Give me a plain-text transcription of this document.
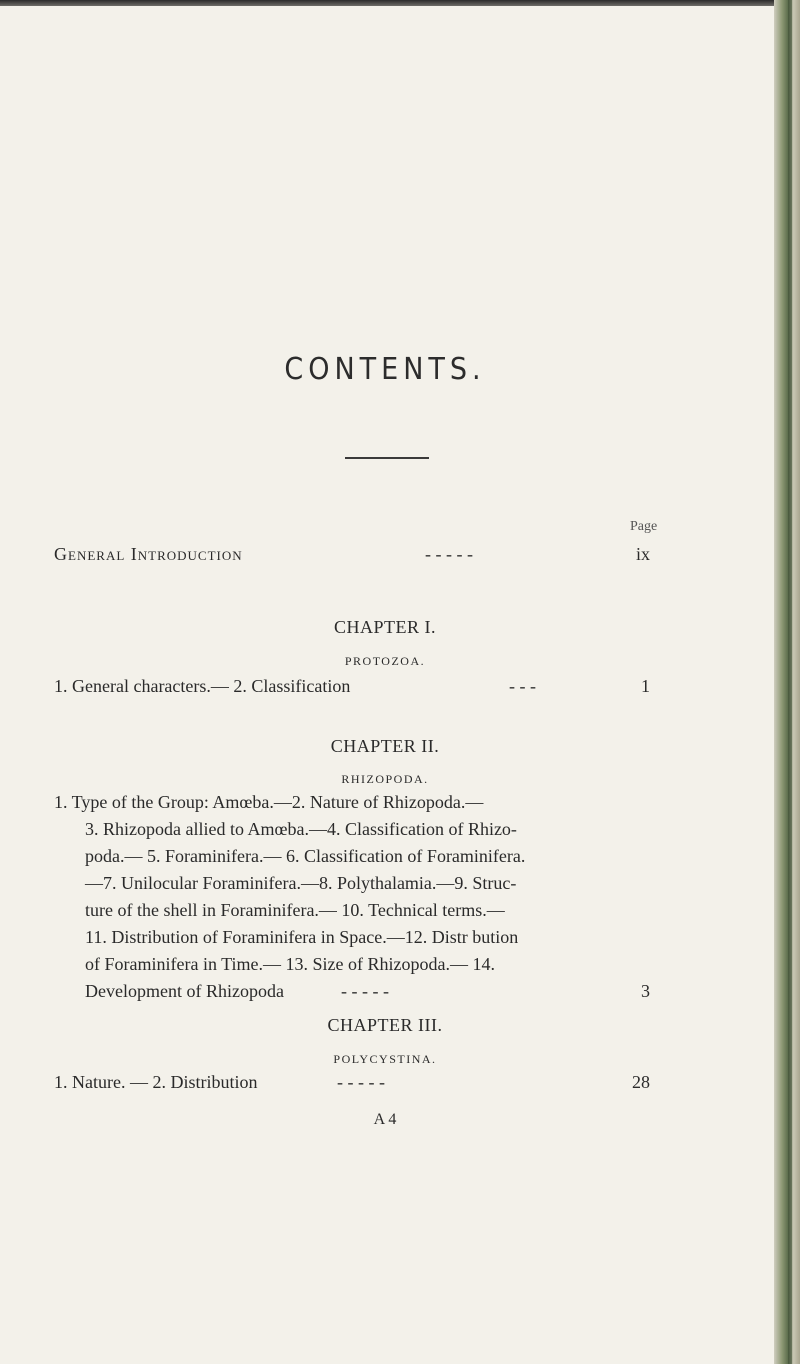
CONTENTS.
Page
General Introduction	- - - - -	ix
CHAPTER I.
PROTOZOA.
1. General characters.— 2. Classification	- - -	1
CHAPTER II.
RHIZOPODA.
1. Type of the Group: Amœba.—2. Nature of Rhizopoda.—
3. Rhizopoda allied to Amœba.—4. Classification of Rhizo-
poda.— 5. Foraminifera.— 6. Classification of Foraminifera.
—7. Unilocular Foraminifera.—8. Polythalamia.—9. Struc-
ture of the shell in Foraminifera.— 10. Technical terms.—
11. Distribution of Foraminifera in Space.—12. Distr bution
of Foraminifera in Time.— 13. Size of Rhizopoda.— 14.
Development of Rhizopoda	- - - - -	3
CHAPTER III.
POLYCYSTINA.
1. Nature. — 2. Distribution	- - - - -	28
A 4
